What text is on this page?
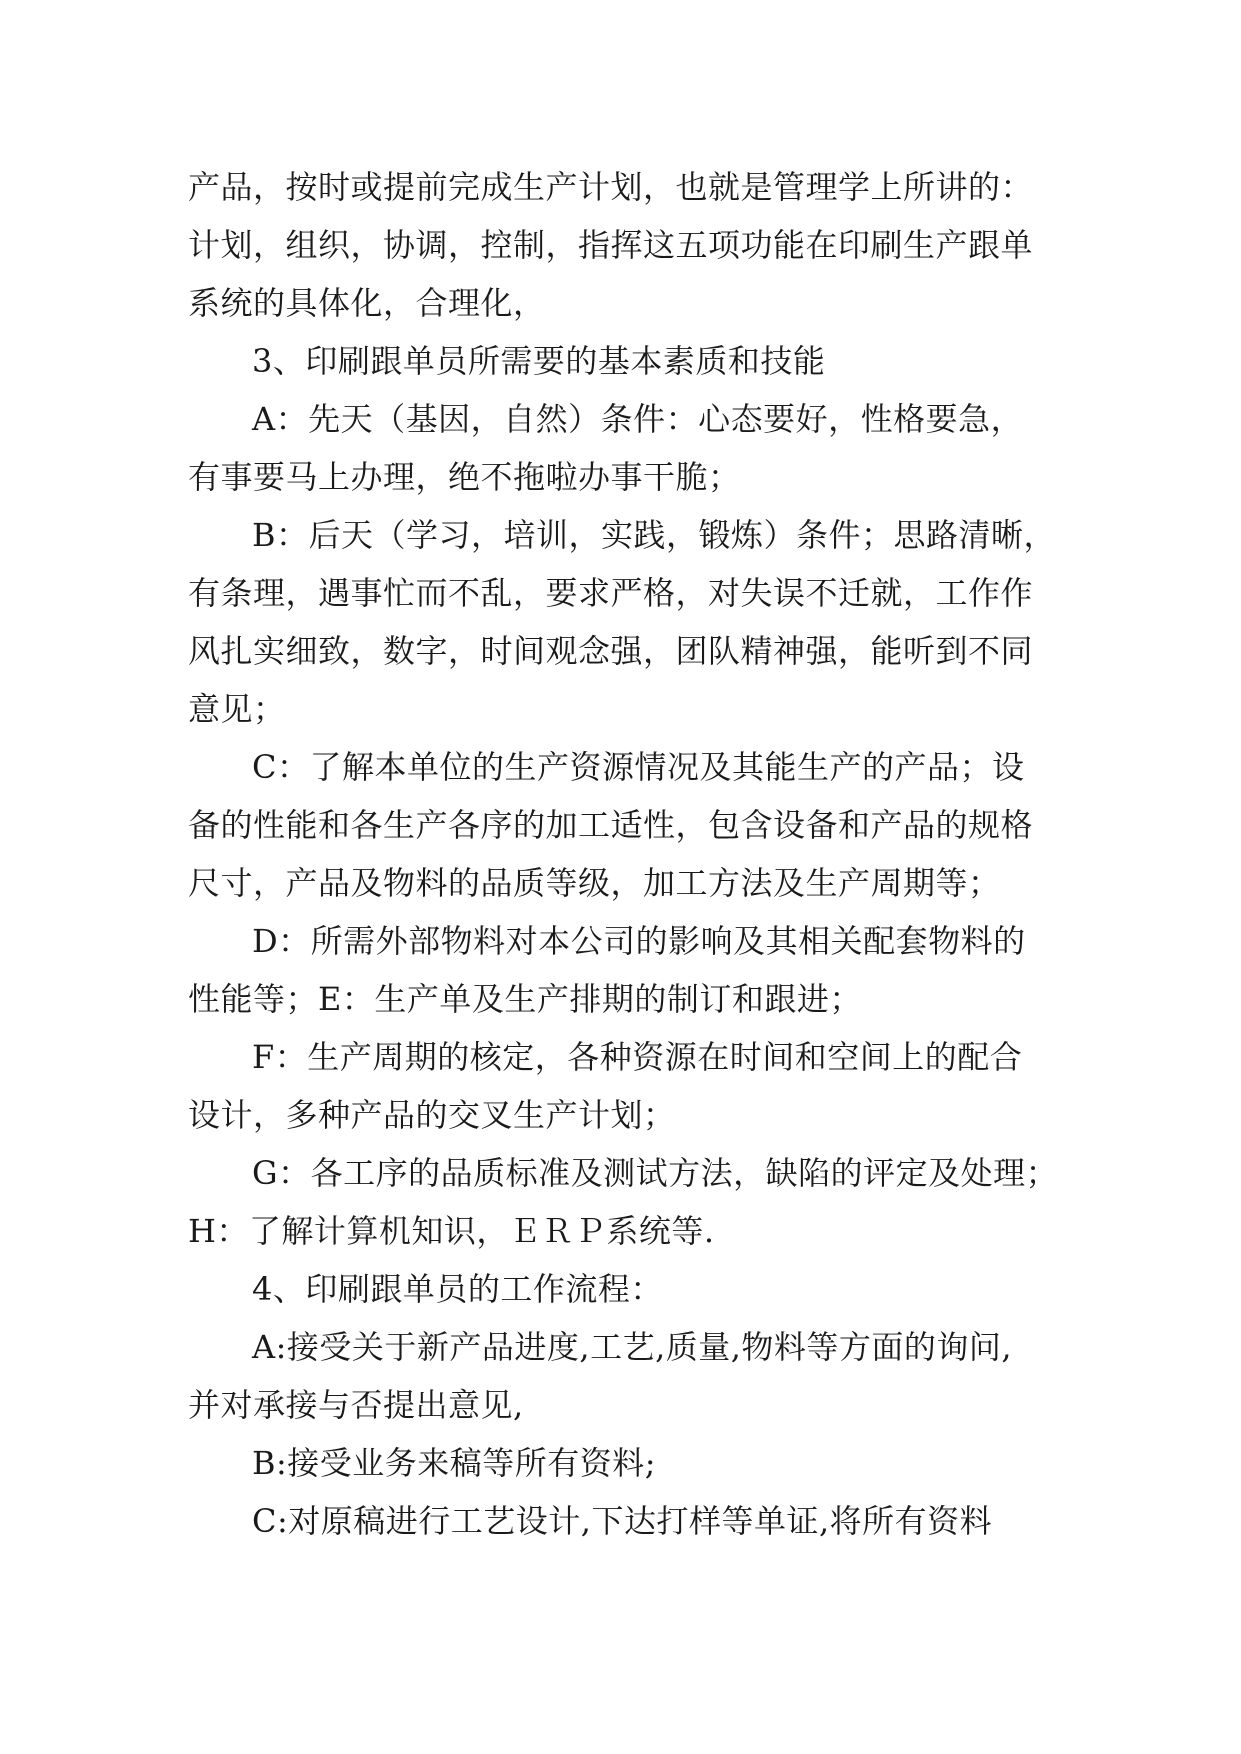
产品，按时或提前完成生产计划，也就是管理学上所讲的：
计划，组织，协调，控制，指挥这五项功能在印刷生产跟单
系统的具体化，合理化，
3、印刷跟单员所需要的基本素质和技能
A：先天（基因，自然）条件：心态要好，性格要急，
有事要马上办理，绝不拖啦办事干脆；
B：后天（学习，培训，实践，锻炼）条件；思路清晰，
有条理，遇事忙而不乱，要求严格，对失误不迁就，工作作
风扎实细致，数字，时间观念强，团队精神强，能听到不同
意见；
C：了解本单位的生产资源情况及其能生产的产品；设
备的性能和各生产各序的加工适性，包含设备和产品的规格
尺寸，产品及物料的品质等级，加工方法及生产周期等；
D：所需外部物料对本公司的影响及其相关配套物料的
性能等；E：生产单及生产排期的制订和跟进；
F：生产周期的核定，各种资源在时间和空间上的配合
设计，多种产品的交叉生产计划；
G：各工序的品质标准及测试方法，缺陷的评定及处理；
H：了解计算机知识，ＥＲＰ系统等.
4、印刷跟单员的工作流程：
A:接受关于新产品进度,工艺,质量,物料等方面的询问,
并对承接与否提出意见,
B:接受业务来稿等所有资料;
C:对原稿进行工艺设计,下达打样等单证,将所有资料
